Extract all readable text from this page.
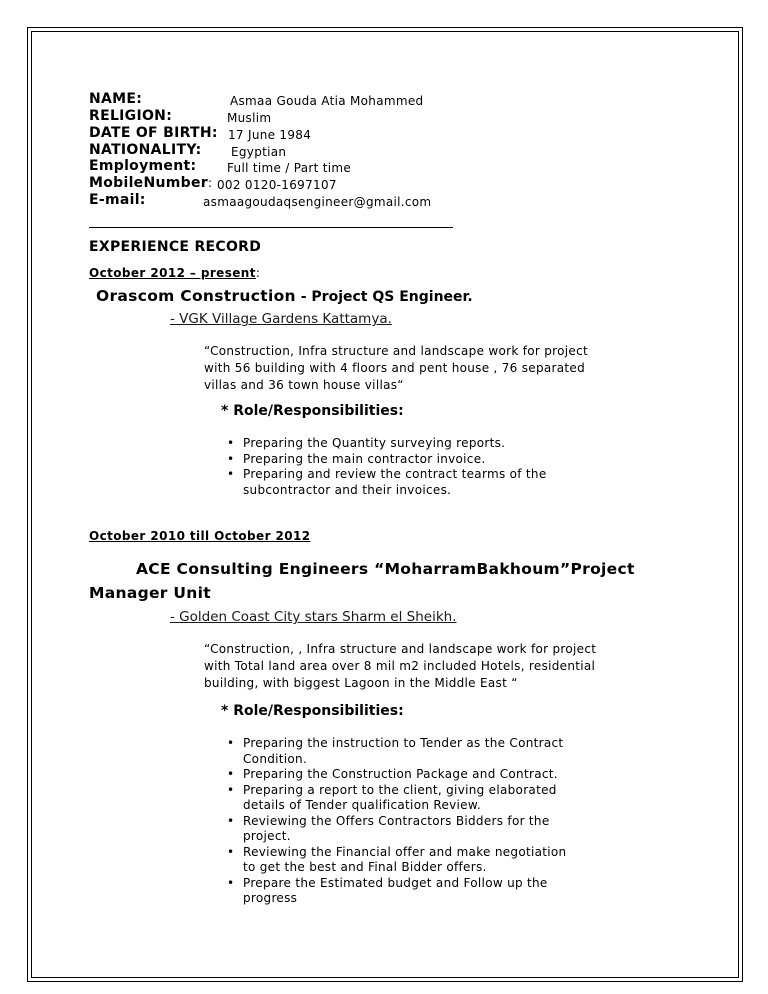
NAME:	Asmaa Gouda Atia Mohammed
RELIGION:	Muslim
DATE OF BIRTH: 17 June 1984
NATIONALITY: Egyptian
Employment:	Full time / Part time
MobileNumber: 002 0120-1697107
E-mail:	asmaagoudaqsengineer@gmail.com
EXPERIENCE RECORD
October 2012 – present:
Orascom Construction - Project QS Engineer.
- VGK Village Gardens Kattamya.
“Construction, Infra structure and landscape work for project
with 56 building with 4 floors and pent house , 76 separated
villas and 36 town house villas“
* Role/Responsibilities:
• Preparing the Quantity surveying reports.
• Preparing the main contractor invoice.
• Preparing and review the contract tearms of the
subcontractor and their invoices.
October 2010 till October 2012
ACE Consulting Engineers “MoharramBakhoum”Project
Manager Unit
- Golden Coast City stars Sharm el Sheikh.
“Construction, , Infra structure and landscape work for project
with Total land area over 8 mil m2 included Hotels, residential
building, with biggest Lagoon in the Middle East “
* Role/Responsibilities:
• Preparing the instruction to Tender as the Contract
Condition.
• Preparing the Construction Package and Contract.
• Preparing a report to the client, giving elaborated
details of Tender qualification Review.
• Reviewing the Offers Contractors Bidders for the
project.
• Reviewing the Financial offer and make negotiation
to get the best and Final Bidder offers.
• Prepare the Estimated budget and Follow up the
progress
